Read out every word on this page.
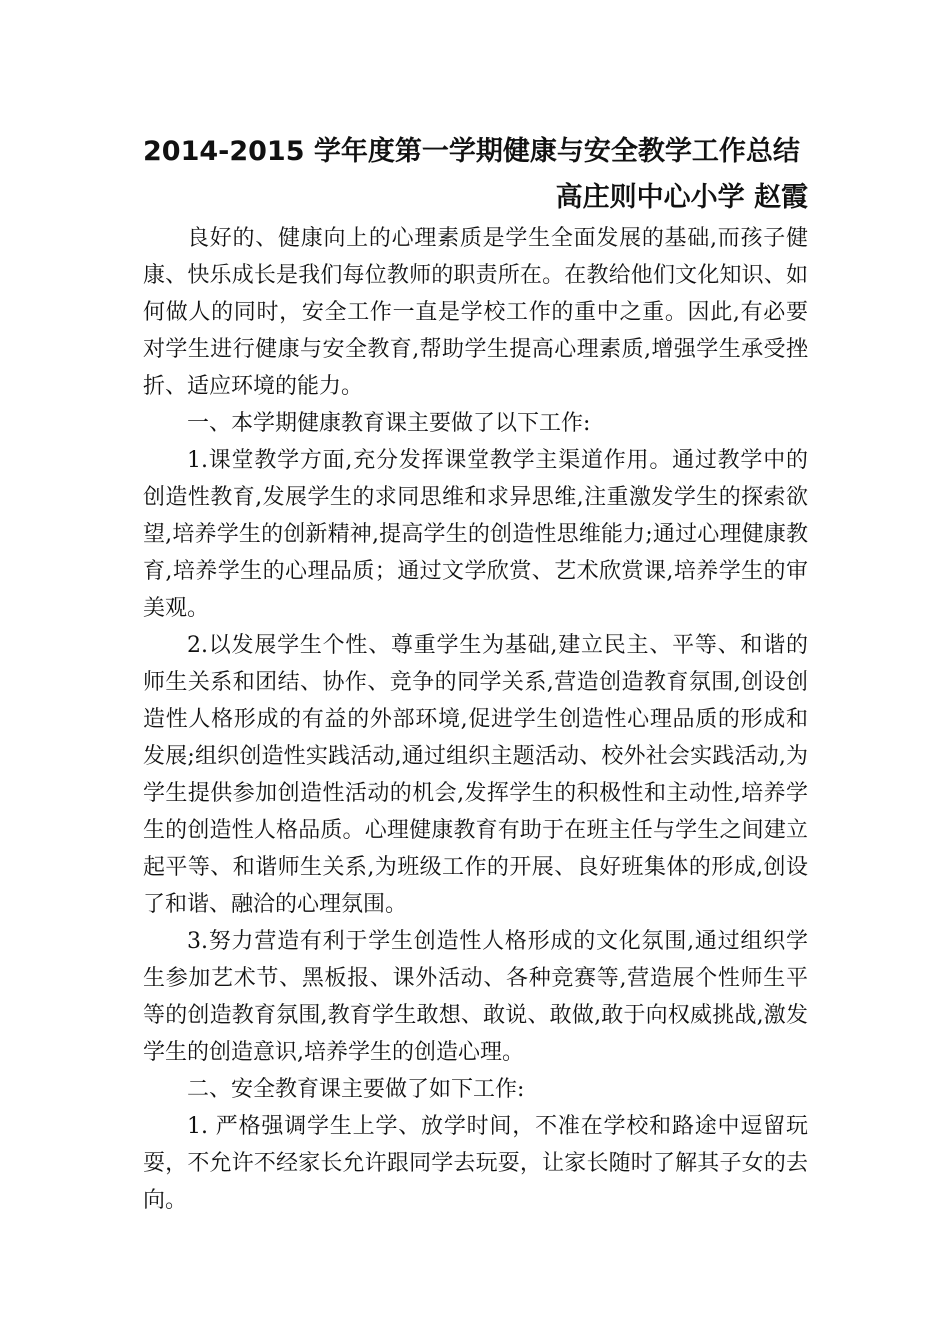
2014-2015 学年度第一学期健康与安全教学工作总结
高庄则中心小学 赵霞

良好的、健康向上的心理素质是学生全面发展的基础,而孩子健康、快乐成长是我们每位教师的职责所在。在教给他们文化知识、如何做人的同时，安全工作一直是学校工作的重中之重。因此,有必要对学生进行健康与安全教育,帮助学生提高心理素质,增强学生承受挫折、适应环境的能力。

一、本学期健康教育课主要做了以下工作:

1.课堂教学方面,充分发挥课堂教学主渠道作用。通过教学中的创造性教育,发展学生的求同思维和求异思维,注重激发学生的探索欲望,培养学生的创新精神,提高学生的创造性思维能力;通过心理健康教育,培养学生的心理品质；通过文学欣赏、艺术欣赏课,培养学生的审美观。

2.以发展学生个性、尊重学生为基础,建立民主、平等、和谐的师生关系和团结、协作、竞争的同学关系,营造创造教育氛围,创设创造性人格形成的有益的外部环境,促进学生创造性心理品质的形成和发展;组织创造性实践活动,通过组织主题活动、校外社会实践活动,为学生提供参加创造性活动的机会,发挥学生的积极性和主动性,培养学生的创造性人格品质。心理健康教育有助于在班主任与学生之间建立起平等、和谐师生关系,为班级工作的开展、良好班集体的形成,创设了和谐、融洽的心理氛围。

3.努力营造有利于学生创造性人格形成的文化氛围,通过组织学生参加艺术节、黑板报、课外活动、各种竞赛等,营造展个性师生平等的创造教育氛围,教育学生敢想、敢说、敢做,敢于向权威挑战,激发学生的创造意识,培养学生的创造心理。

二、安全教育课主要做了如下工作:

1. 严格强调学生上学、放学时间，不准在学校和路途中逗留玩耍，不允许不经家长允许跟同学去玩耍，让家长随时了解其子女的去向。
